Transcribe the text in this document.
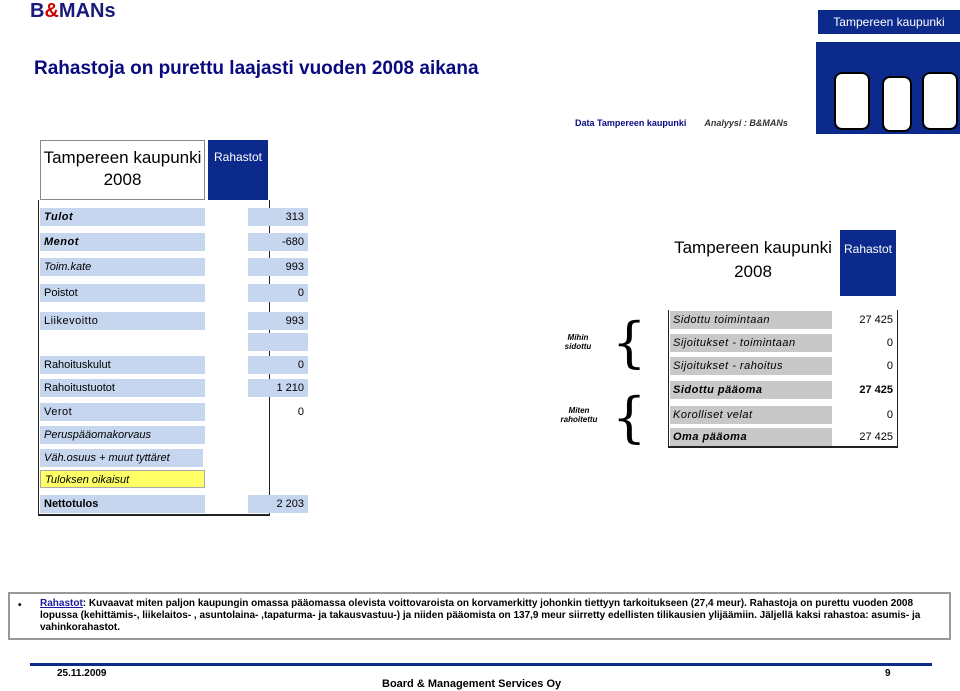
B&MANs	Tampereen kaupunki
Rahastoja on purettu laajasti vuoden 2008 aikana
Data Tampereen kaupunki Analyysi : B&MANs
Tampereen kaupunki
2008
Rahastot
Tulot	313
Menot	-680
Toim.kate	993
Poistot	0
Liikevoitto	993
Rahoituskulut	0
Rahoitustuotot	1 210
Verot	0
Peruspääomakorvaus
Väh.osuus + muut tyttäret
Tuloksen oikaisut
Nettotulos	2 203
Mihin
sidottu
Miten
rahoitettu
{
{
Tampereen kaupunki
2008
Rahastot
Sidottu toimintaan	27 425
Sijoitukset - toimintaan	0
Sijoitukset - rahoitus	0
Sidottu pääoma	27 425
Korolliset velat	0
Oma pääoma	27 425
• Rahastot: Kuvaavat miten paljon kaupungin omassa pääomassa olevista voittovaroista on korvamerkitty johonkin tiettyyn tarkoitukseen (27,4 meur). Rahastoja on purettu vuoden 2008 lopussa (kehittämis-, liikelaitos- , asuntolaina- ,tapaturma- ja takausvastuu-) ja niiden pääomista on 137,9 meur siirretty edellisten tilikausien ylijäämiin. Jäljellä kaksi rahastoa: asumis- ja vahinkorahastot.
25.11.2009
Board & Management Services Oy
9
